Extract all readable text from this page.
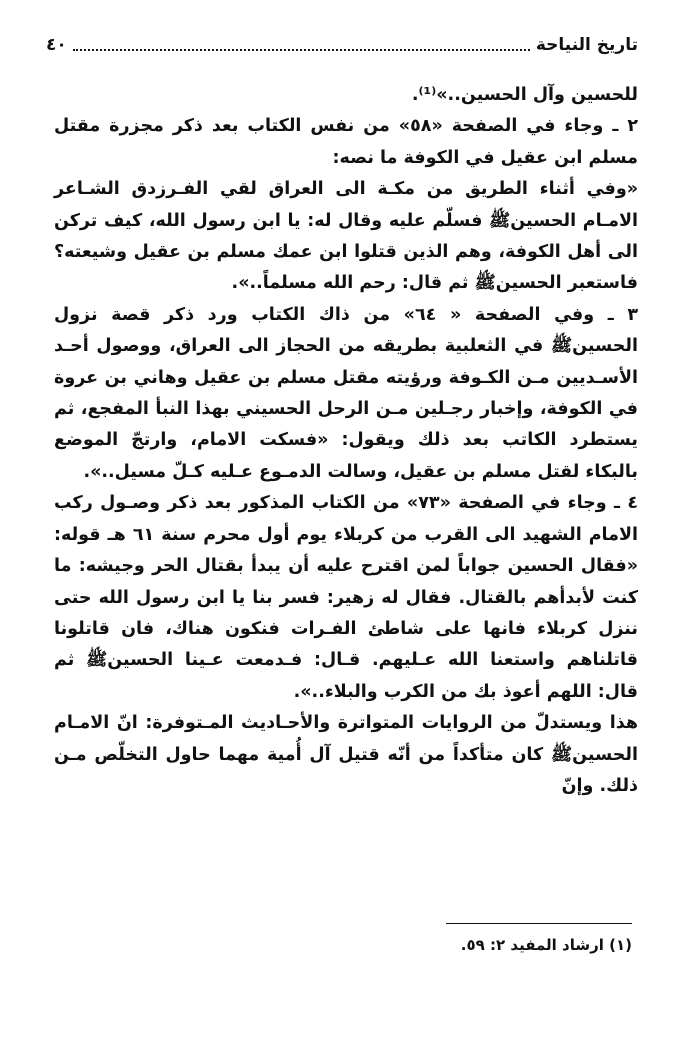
٤٠	تاريخ النياحة

للحسين وآل الحسين..»⁽¹⁾.

٢ ـ وجاء في الصفحة «٥٨» من نفس الكتاب بعد ذكر مجزرة مقتل مسلم ابن عقيل في الكوفة ما نصه:

«وفي أثناء الطريق من مكـة الى العراق لقي الفـرزدق الشـاعر الامـام الحسينﷺ فسلّم عليه وقال له: يا ابن رسول الله، كيف تركن الى أهل الكوفة، وهم الذين قتلوا ابن عمك مسلم بن عقيل وشيعته؟ فاستعبر الحسينﷺ ثم قال: رحم الله مسلماً..».

٣ ـ وفي الصفحة « ٦٤» من ذاك الكتاب ورد ذكر قصة نزول الحسينﷺ في الثعلبية بطريقه من الحجاز الى العراق، ووصول أحـد الأسـديين مـن الكـوفة ورؤيته مقتل مسلم بن عقيل وهاني بن عروة في الكوفة، وإخبار رجـلين مـن الرحل الحسيني بهذا النبأ المفجع، ثم يستطرد الكاتب بعد ذلك ويقول: «فسكت الامام، وارتجّ الموضع بالبكاء لقتل مسلم بن عقيل، وسالت الدمـوع عـليه كـلّ مسيل..».

٤ ـ وجاء في الصفحة «٧٣» من الكتاب المذكور بعد ذكر وصـول ركب الامام الشهيد الى القرب من كربلاء يوم أول محرم سنة ٦١ هـ قوله: «فقال الحسين جواباً لمن اقترح عليه أن يبدأ بقتال الحر وجيشه: ما كنت لأبدأهم بالقتال. فقال له زهير: فسر بنا يا ابن رسول الله حتى ننزل كربلاء فانها على شاطئ الفـرات فنكون هناك، فان قاتلونا قاتلناهم واستعنا الله عـليهم. قـال: فـدمعت عـينا الحسينﷺ ثم قال: اللهم أعوذ بك من الكرب والبلاء..».

هذا ويستدلّ من الروايات المتواترة والأحـاديث المـتوفرة: انّ الامـام الحسينﷺ كان متأكداً من أنّه قتيل آل أُمية مهما حاول التخلّص مـن ذلك. وإنّ

(١) ارشاد المفيد ٢: ٥٩.
